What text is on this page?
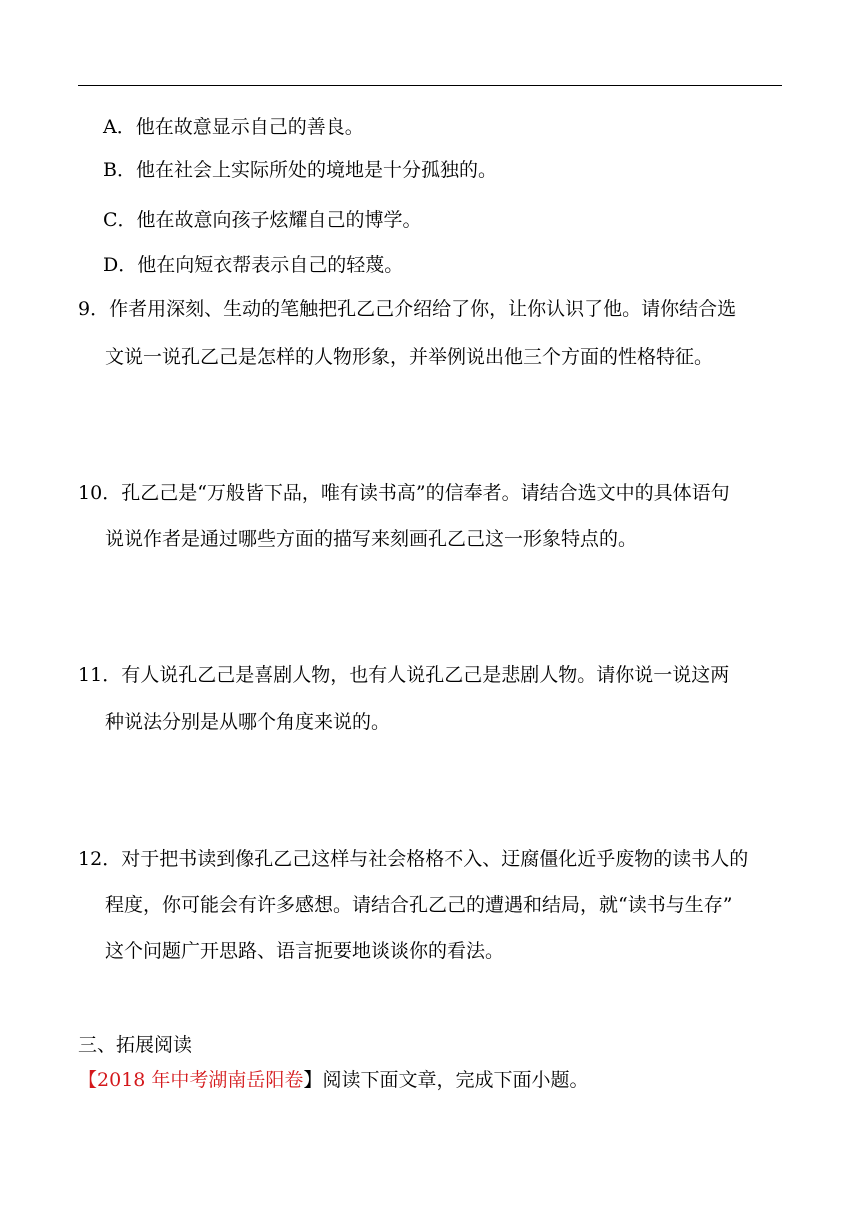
A．他在故意显示自己的善良。
B．他在社会上实际所处的境地是十分孤独的。
C．他在故意向孩子炫耀自己的博学。
D．他在向短衣帮表示自己的轻蔑。
9．作者用深刻、生动的笔触把孔乙己介绍给了你，让你认识了他。请你结合选
文说一说孔乙己是怎样的人物形象，并举例说出他三个方面的性格特征。
10．孔乙己是“万般皆下品，唯有读书高”的信奉者。请结合选文中的具体语句
说说作者是通过哪些方面的描写来刻画孔乙己这一形象特点的。
11．有人说孔乙己是喜剧人物，也有人说孔乙己是悲剧人物。请你说一说这两
种说法分别是从哪个角度来说的。
12．对于把书读到像孔乙己这样与社会格格不入、迂腐僵化近乎废物的读书人的
程度，你可能会有许多感想。请结合孔乙己的遭遇和结局，就“读书与生存”
这个问题广开思路、语言扼要地谈谈你的看法。
三、拓展阅读
【2018 年中考湖南岳阳卷】阅读下面文章，完成下面小题。
